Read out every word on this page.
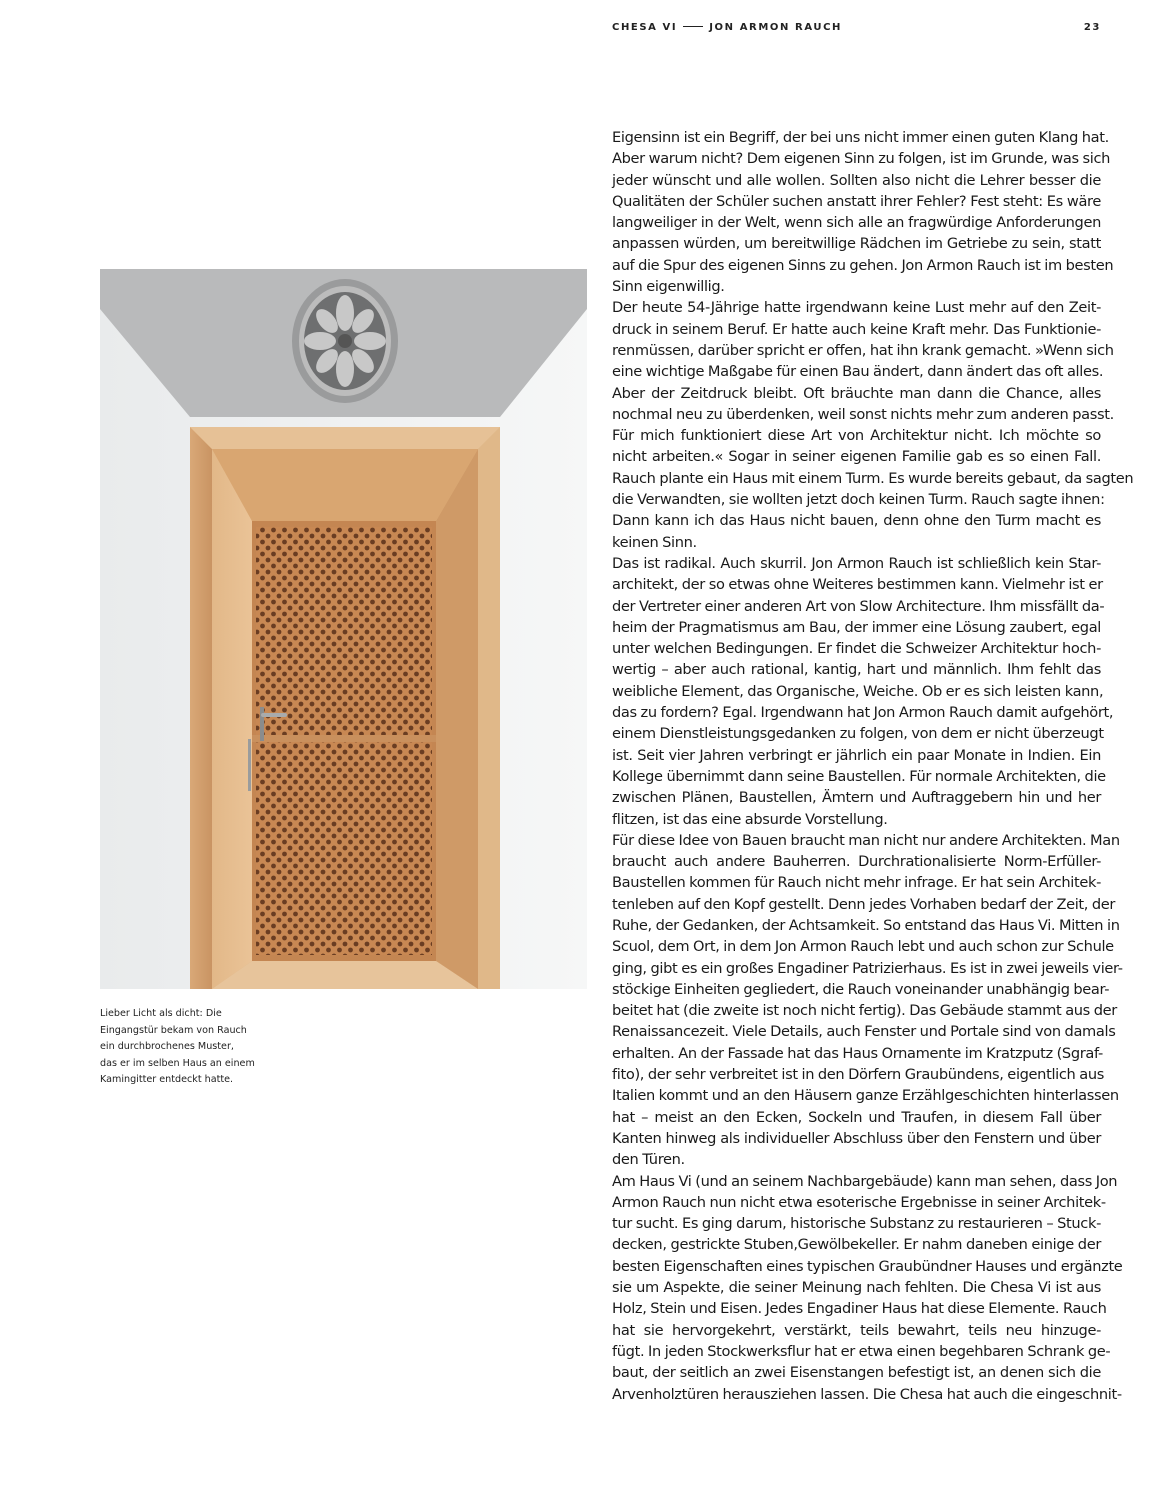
CHESA VI	JON ARMON RAUCH	23
Lieber Licht als dicht: Die
Eingangstür bekam von Rauch
ein durchbrochenes Muster,
das er im selben Haus an einem
Kamingitter entdeckt hatte.
Eigensinn ist ein Begriff, der bei uns nicht immer einen guten Klang hat.
Aber warum nicht? Dem eigenen Sinn zu folgen, ist im Grunde, was sich
jeder wünscht und alle wollen. Sollten also nicht die Lehrer besser die
Qualitäten der Schüler suchen anstatt ihrer Fehler? Fest steht: Es wäre
langweiliger in der Welt, wenn sich alle an fragwürdige Anforderungen
anpassen würden, um bereitwillige Rädchen im Getriebe zu sein, statt
auf die Spur des eigenen Sinns zu gehen. Jon Armon Rauch ist im besten
Sinn eigenwillig.
Der heute 54-Jährige hatte irgendwann keine Lust mehr auf den Zeit-
druck in seinem Beruf. Er hatte auch keine Kraft mehr. Das Funktionie-
renmüssen, darüber spricht er offen, hat ihn krank gemacht. »Wenn sich
eine wichtige Maßgabe für einen Bau ändert, dann ändert das oft alles.
Aber der Zeitdruck bleibt. Oft bräuchte man dann die Chance, alles
nochmal neu zu überdenken, weil sonst nichts mehr zum anderen passt.
Für mich funktioniert diese Art von Architektur nicht. Ich möchte so
nicht arbeiten.« Sogar in seiner eigenen Familie gab es so einen Fall.
Rauch plante ein Haus mit einem Turm. Es wurde bereits gebaut, da sagten
die Verwandten, sie wollten jetzt doch keinen Turm. Rauch sagte ihnen:
Dann kann ich das Haus nicht bauen, denn ohne den Turm macht es
keinen Sinn.
Das ist radikal. Auch skurril. Jon Armon Rauch ist schließlich kein Star-
architekt, der so etwas ohne Weiteres bestimmen kann. Vielmehr ist er
der Vertreter einer anderen Art von Slow Architecture. Ihm missfällt da-
heim der Pragmatismus am Bau, der immer eine Lösung zaubert, egal
unter welchen Bedingungen. Er findet die Schweizer Architektur hoch-
wertig – aber auch rational, kantig, hart und männlich. Ihm fehlt das
weibliche Element, das Organische, Weiche. Ob er es sich leisten kann,
das zu fordern? Egal. Irgendwann hat Jon Armon Rauch damit aufgehört,
einem Dienstleistungsgedanken zu folgen, von dem er nicht überzeugt
ist. Seit vier Jahren verbringt er jährlich ein paar Monate in Indien. Ein
Kollege übernimmt dann seine Baustellen. Für normale Architekten, die
zwischen Plänen, Baustellen, Ämtern und Auftraggebern hin und her
flitzen, ist das eine absurde Vorstellung.
Für diese Idee von Bauen braucht man nicht nur andere Architekten. Man
braucht auch andere Bauherren. Durchrationalisierte Norm-Erfüller-
Baustellen kommen für Rauch nicht mehr infrage. Er hat sein Architek-
tenleben auf den Kopf gestellt. Denn jedes Vorhaben bedarf der Zeit, der
Ruhe, der Gedanken, der Achtsamkeit. So entstand das Haus Vi. Mitten in
Scuol, dem Ort, in dem Jon Armon Rauch lebt und auch schon zur Schule
ging, gibt es ein großes Engadiner Patrizierhaus. Es ist in zwei jeweils vier-
stöckige Einheiten gegliedert, die Rauch voneinander unabhängig bear-
beitet hat (die zweite ist noch nicht fertig). Das Gebäude stammt aus der
Renaissancezeit. Viele Details, auch Fenster und Portale sind von damals
erhalten. An der Fassade hat das Haus Ornamente im Kratzputz (Sgraf-
fito), der sehr verbreitet ist in den Dörfern Graubündens, eigentlich aus
Italien kommt und an den Häusern ganze Erzählgeschichten hinterlassen
hat – meist an den Ecken, Sockeln und Traufen, in diesem Fall über
Kanten hinweg als individueller Abschluss über den Fenstern und über
den Türen.
Am Haus Vi (und an seinem Nachbargebäude) kann man sehen, dass Jon
Armon Rauch nun nicht etwa esoterische Ergebnisse in seiner Architek-
tur sucht. Es ging darum, historische Substanz zu restaurieren – Stuck-
decken, gestrickte Stuben,Gewölbekeller. Er nahm daneben einige der
besten Eigenschaften eines typischen Graubündner Hauses und ergänzte
sie um Aspekte, die seiner Meinung nach fehlten. Die Chesa Vi ist aus
Holz, Stein und Eisen. Jedes Engadiner Haus hat diese Elemente. Rauch
hat sie hervorgekehrt, verstärkt, teils bewahrt, teils neu hinzuge-
fügt. In jeden Stockwerksflur hat er etwa einen begehbaren Schrank ge-
baut, der seitlich an zwei Eisenstangen befestigt ist, an denen sich die
Arvenholztüren herausziehen lassen. Die Chesa hat auch die eingeschnit-
